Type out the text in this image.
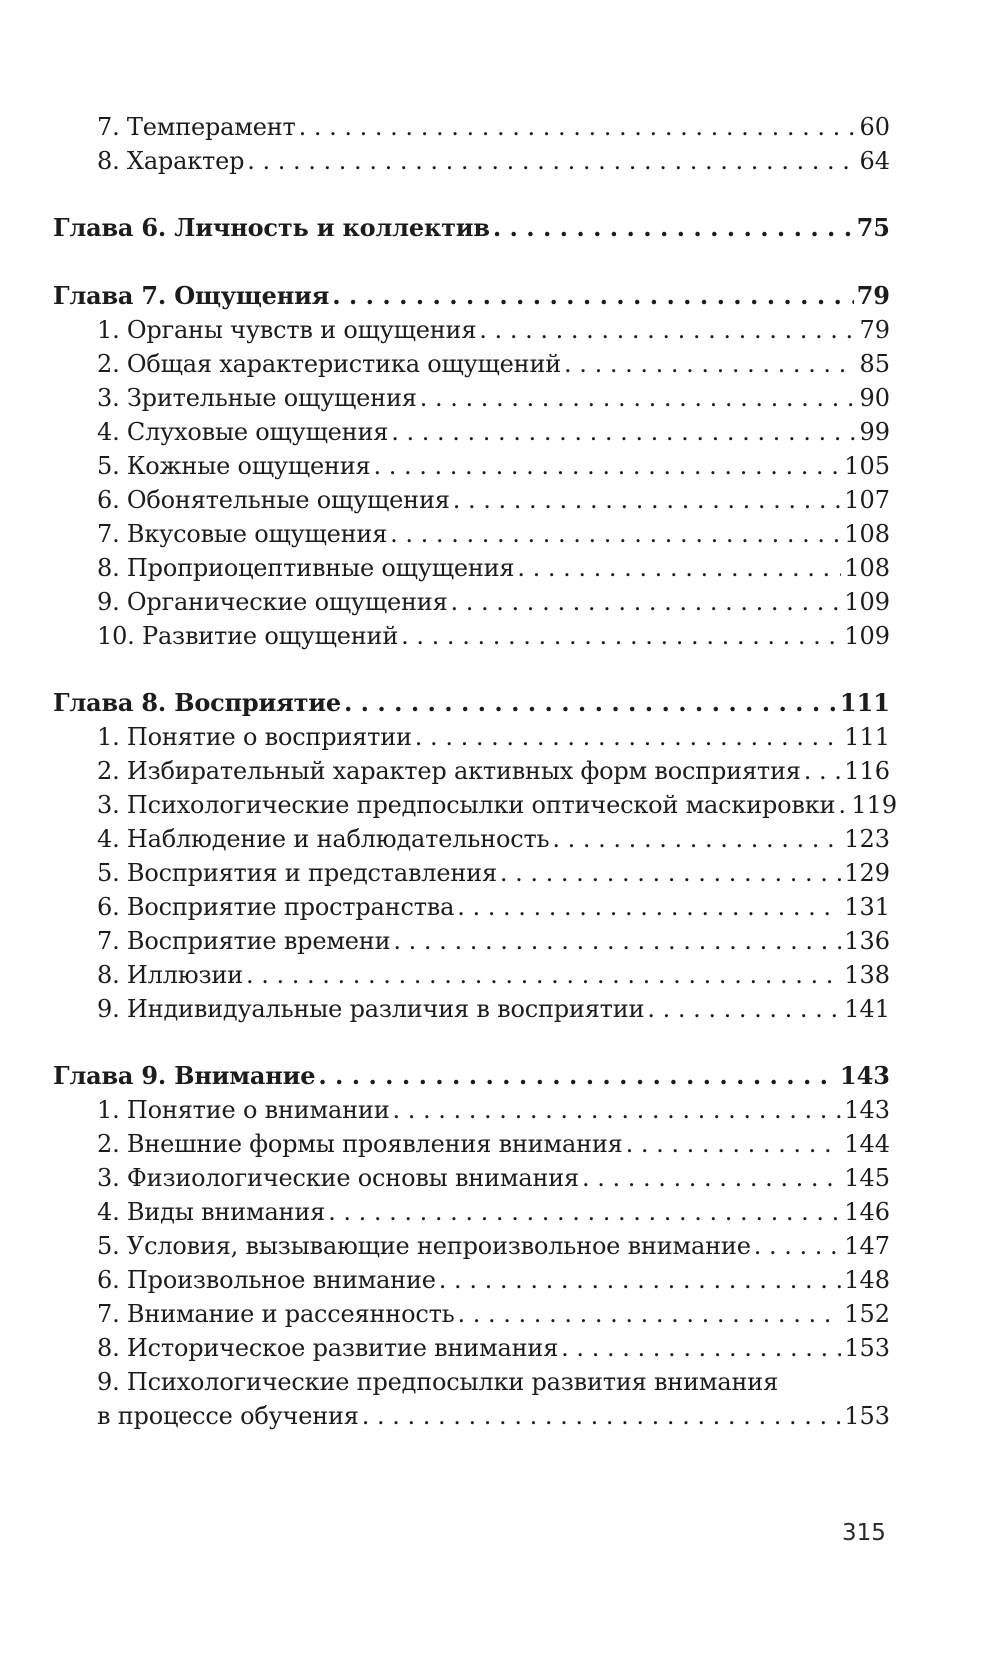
7. Темперамент . . .	60
8. Характер . . .	64
Глава 6. Личность и коллектив . . .	75
Глава 7. Ощущения . . .	79
1. Органы чувств и ощущения . . .	79
2. Общая характеристика ощущений . . .	85
3. Зрительные ощущения . . .	90
4. Слуховые ощущения . . .	99
5. Кожные ощущения . . .	105
6. Обонятельные ощущения . . .	107
7. Вкусовые ощущения . . .	108
8. Проприоцептивные ощущения . . .	108
9. Органические ощущения . . .	109
10. Развитие ощущений . . .	109
Глава 8. Восприятие . . .	111
1. Понятие о восприятии . . .	111
2. Избирательный характер активных форм восприятия . . . 116
3. Психологические предпосылки оптической маскировки . . . 119
4. Наблюдение и наблюдательность . . .	123
5. Восприятия и представления . . .	129
6. Восприятие пространства . . .	131
7. Восприятие времени . . .	136
8. Иллюзии . . .	138
9. Индивидуальные различия в восприятии . . .	141
Глава 9. Внимание . . .	143
1. Понятие о внимании . . .	143
2. Внешние формы проявления внимания . . .	144
3. Физиологические основы внимания . . .	145
4. Виды внимания . . .	146
5. Условия, вызывающие непроизвольное внимание . . .	147
6. Произвольное внимание . . .	148
7. Внимание и рассеянность . . .	152
8. Историческое развитие внимания . . .	153
9. Психологические предпосылки развития внимания
в процессе обучения . . .	153
315
